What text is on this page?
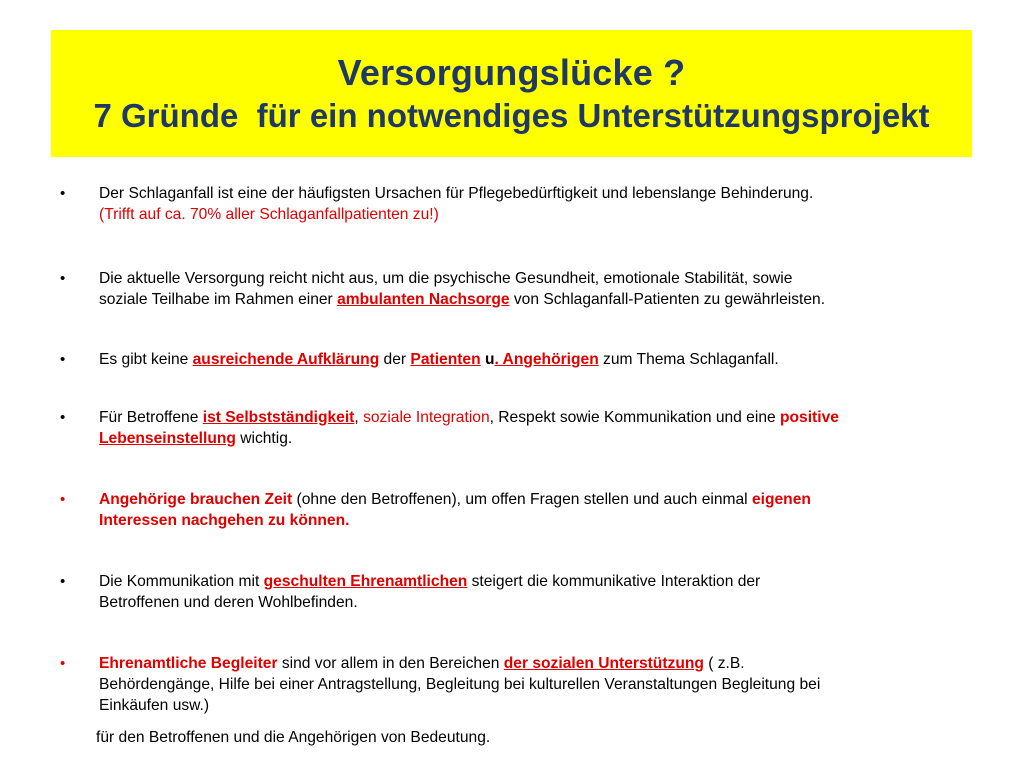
Versorgungslücke ?
7 Gründe  für ein notwendiges Unterstützungsprojekt
•	Der Schlaganfall ist eine der häufigsten Ursachen für Pflegebedürftigkeit und lebenslange Behinderung.
(Trifft auf ca. 70% aller Schlaganfallpatienten zu!)
•	Die aktuelle Versorgung reicht nicht aus, um die psychische Gesundheit, emotionale Stabilität, sowie
soziale Teilhabe im Rahmen einer ambulanten Nachsorge von Schlaganfall-Patienten zu gewährleisten.
•	Es gibt keine ausreichende Aufklärung der Patienten u. Angehörigen zum Thema Schlaganfall.
•	Für Betroffene ist Selbstständigkeit, soziale Integration, Respekt sowie Kommunikation und eine positive
Lebenseinstellung wichtig.
•	Angehörige brauchen Zeit (ohne den Betroffenen), um offen Fragen stellen und auch einmal eigenen
Interessen nachgehen zu können.
•	Die Kommunikation mit geschulten Ehrenamtlichen steigert die kommunikative Interaktion der
Betroffenen und deren Wohlbefinden.
•	Ehrenamtliche Begleiter sind vor allem in den Bereichen der sozialen Unterstützung ( z.B.
Behördengänge, Hilfe bei einer Antragstellung, Begleitung bei kulturellen Veranstaltungen Begleitung bei
Einkäufen usw.)
für den Betroffenen und die Angehörigen von Bedeutung.
